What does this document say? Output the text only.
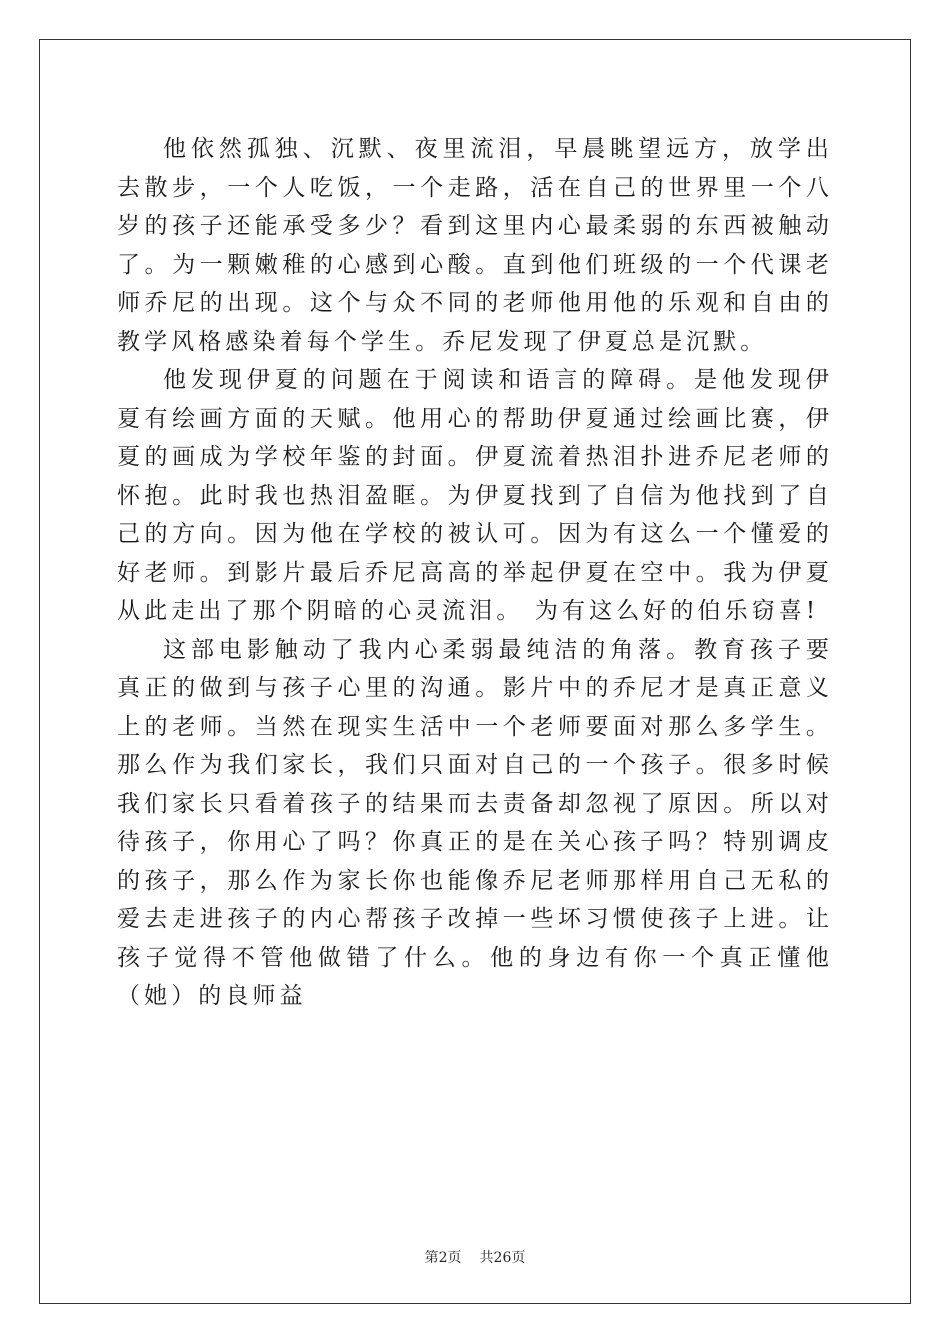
他依然孤独、沉默、夜里流泪，早晨眺望远方，放学出去散步，一个人吃饭，一个走路，活在自己的世界里一个八岁的孩子还能承受多少？看到这里内心最柔弱的东西被触动了。为一颗嫩稚的心感到心酸。直到他们班级的一个代课老师乔尼的出现。这个与众不同的老师他用他的乐观和自由的教学风格感染着每个学生。乔尼发现了伊夏总是沉默。

他发现伊夏的问题在于阅读和语言的障碍。是他发现伊夏有绘画方面的天赋。他用心的帮助伊夏通过绘画比赛，伊夏的画成为学校年鉴的封面。伊夏流着热泪扑进乔尼老师的怀抱。此时我也热泪盈眶。为伊夏找到了自信为他找到了自己的方向。因为他在学校的被认可。因为有这么一个懂爱的好老师。到影片最后乔尼高高的举起伊夏在空中。我为伊夏从此走出了那个阴暗的心灵流泪。 为有这么好的伯乐窃喜!

这部电影触动了我内心柔弱最纯洁的角落。教育孩子要真正的做到与孩子心里的沟通。影片中的乔尼才是真正意义上的老师。当然在现实生活中一个老师要面对那么多学生。那么作为我们家长，我们只面对自己的一个孩子。很多时候我们家长只看着孩子的结果而去责备却忽视了原因。所以对待孩子，你用心了吗？你真正的是在关心孩子吗？特别调皮的孩子，那么作为家长你也能像乔尼老师那样用自己无私的爱去走进孩子的内心帮孩子改掉一些坏习惯使孩子上进。让孩子觉得不管他做错了什么。他的身边有你一个真正懂他（她）的良师益

第2页 共26页
